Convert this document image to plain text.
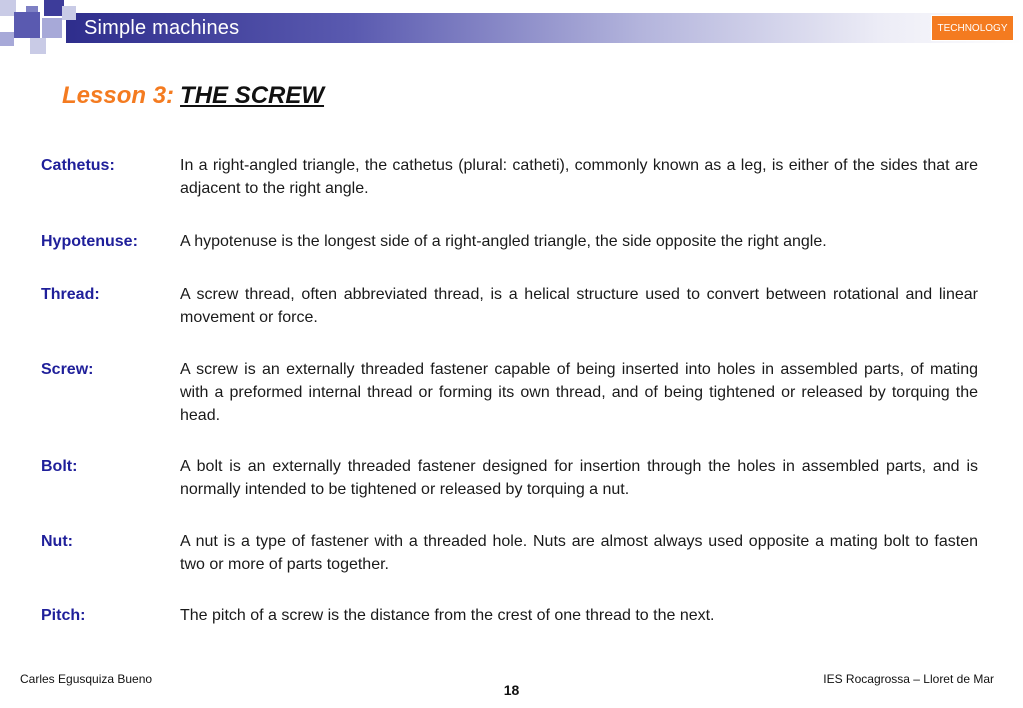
Simple machines	TECHNOLOGY
Lesson 3: THE SCREW
Cathetus:	In a right-angled triangle, the cathetus (plural: catheti), commonly known as a leg, is either of the sides that are adjacent to the right angle.
Hypotenuse:	A hypotenuse is the longest side of a right-angled triangle, the side opposite the right angle.
Thread:	A screw thread, often abbreviated thread, is a helical structure used to convert between rotational and linear movement or force.
Screw:	A screw is an externally threaded fastener capable of being inserted into holes in assembled parts, of mating with a preformed internal thread or forming its own thread, and of being tightened or released by torquing the head.
Bolt:	A bolt is an externally threaded fastener designed for insertion through the holes in assembled parts, and is normally intended to be tightened or released by torquing a nut.
Nut:	A nut is a type of fastener with a threaded hole. Nuts are almost always used opposite a mating bolt to fasten two or more of parts together.
Pitch:	The pitch of a screw is the distance from the crest of one thread to the next.
Carles Egusquiza Bueno	IES Rocagrossa – Lloret de Mar
18
